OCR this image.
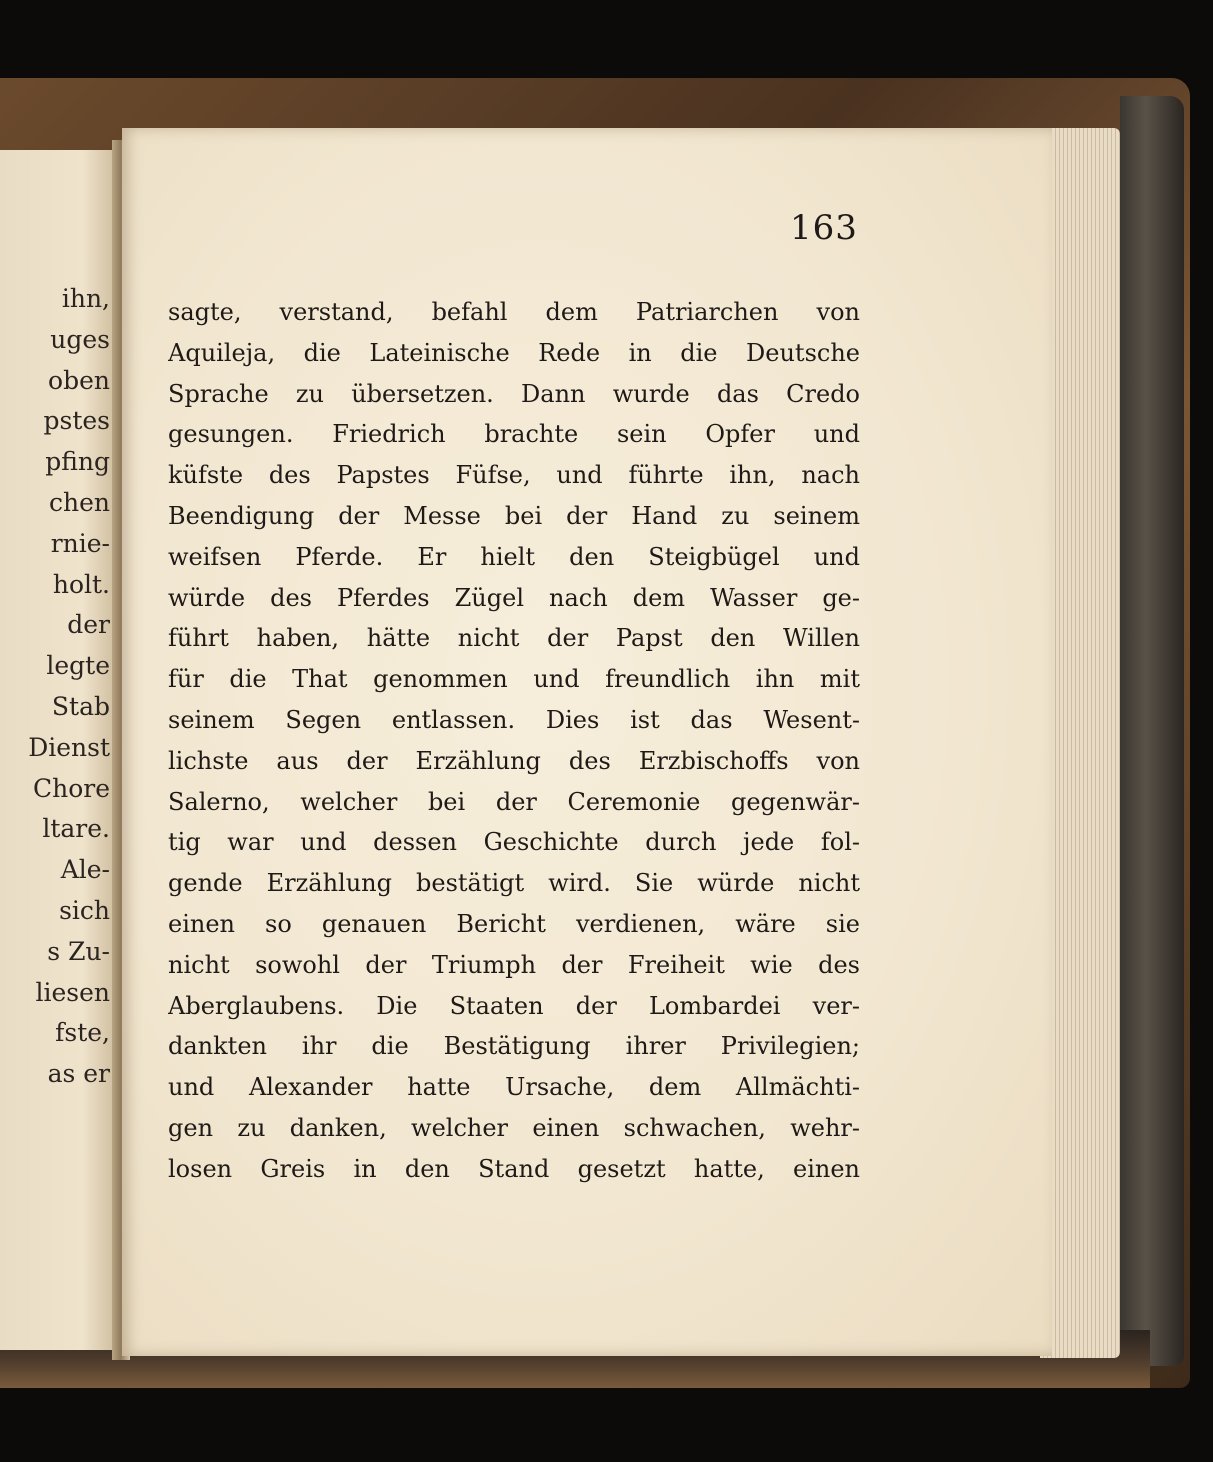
ihn,
uges
oben
pstes
pfing
chen
rnie-
holt.
der
legte
Stab
Dienst
Chore
ltare.
Ale-
sich
s Zu-
liesen
fste,
as er
163
sagte, verstand, befahl dem Patriarchen von
Aquileja, die Lateinische Rede in die Deutsche
Sprache zu übersetzen. Dann wurde das Credo
gesungen. Friedrich brachte sein Opfer und
küfste des Papstes Füfse, und führte ihn, nach
Beendigung der Messe bei der Hand zu seinem
weifsen Pferde. Er hielt den Steigbügel und
würde des Pferdes Zügel nach dem Wasser ge-
führt haben, hätte nicht der Papst den Willen
für die That genommen und freundlich ihn mit
seinem Segen entlassen. Dies ist das Wesent-
lichste aus der Erzählung des Erzbischoffs von
Salerno, welcher bei der Ceremonie gegenwär-
tig war und dessen Geschichte durch jede fol-
gende Erzählung bestätigt wird. Sie würde nicht
einen so genauen Bericht verdienen, wäre sie
nicht sowohl der Triumph der Freiheit wie des
Aberglaubens. Die Staaten der Lombardei ver-
dankten ihr die Bestätigung ihrer Privilegien;
und Alexander hatte Ursache, dem Allmächti-
gen zu danken, welcher einen schwachen, wehr-
losen Greis in den Stand gesetzt hatte, einen
